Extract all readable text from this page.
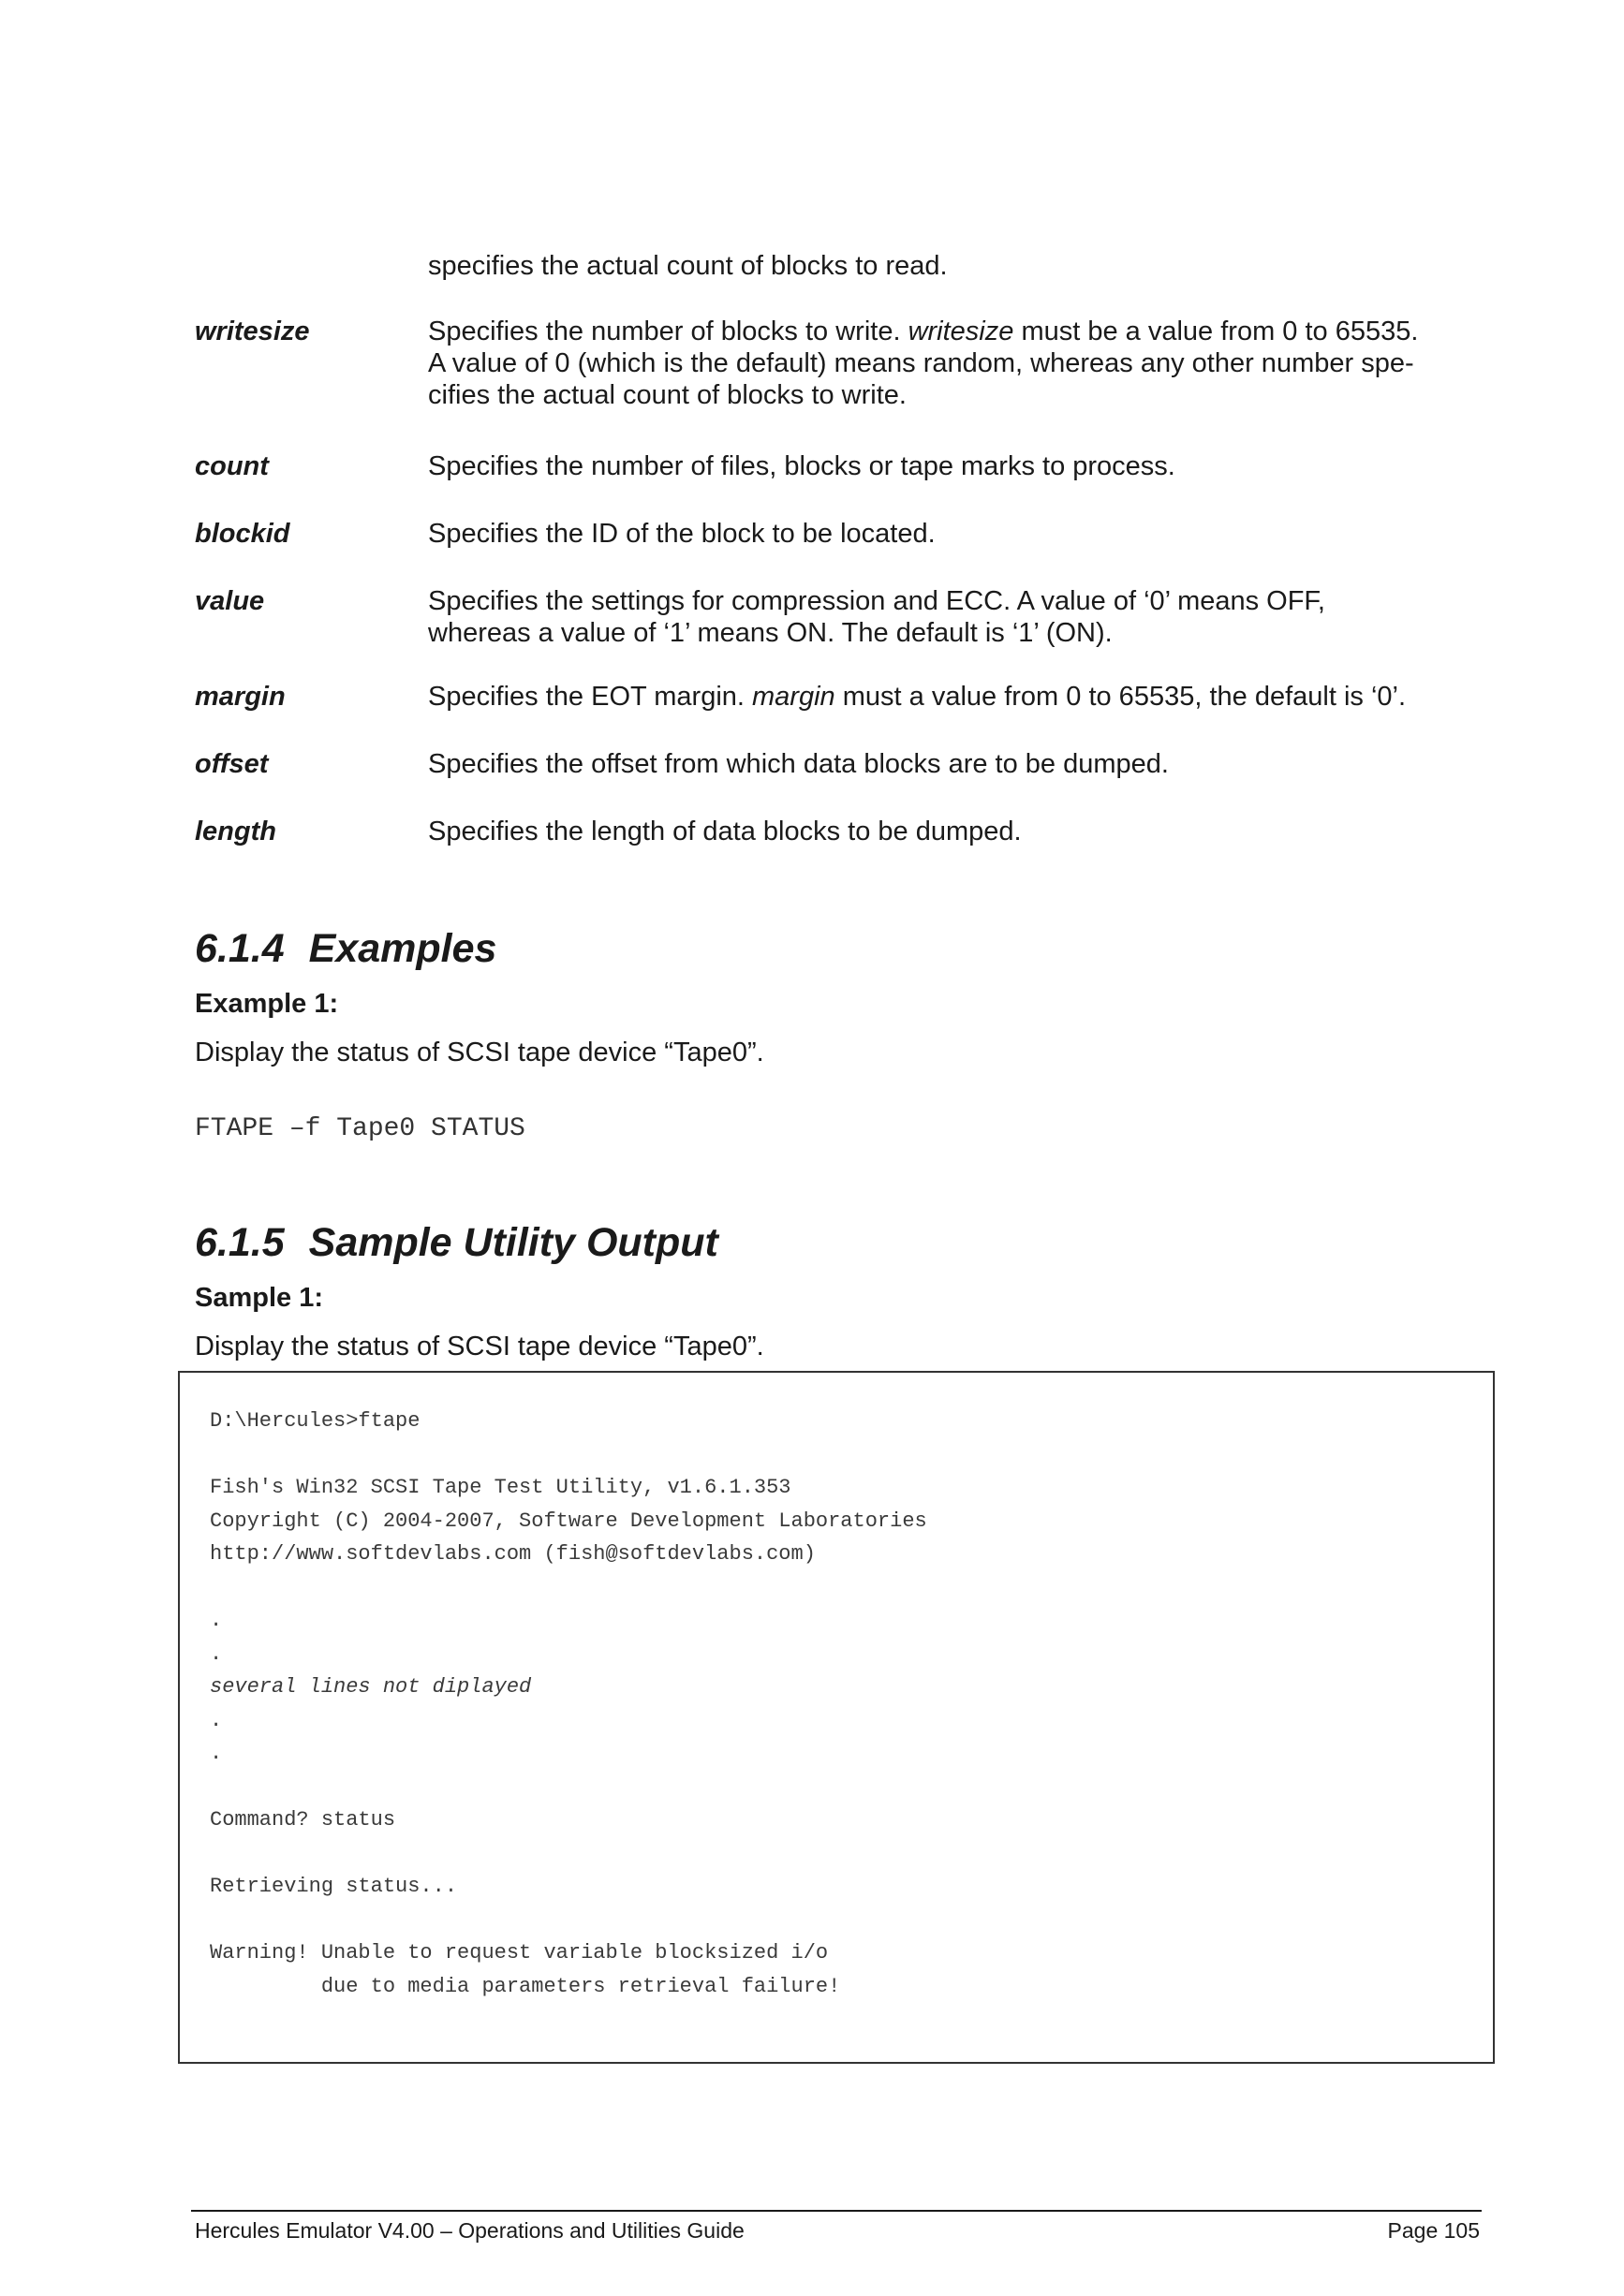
specifies the actual count of blocks to read.
writesize	Specifies the number of blocks to write. writesize must be a value from 0 to 65535.
A value of 0 (which is the default) means random, whereas any other number spe-
cifies the actual count of blocks to write.
count	Specifies the number of files, blocks or tape marks to process.
blockid	Specifies the ID of the block to be located.
value	Specifies the settings for compression and ECC. A value of ‘0’ means OFF,
whereas a value of ‘1’ means ON. The default is ‘1’ (ON).
margin	Specifies the EOT margin. margin must a value from 0 to 65535, the default is ‘0’.
offset	Specifies the offset from which data blocks are to be dumped.
length	Specifies the length of data blocks to be dumped.
6.1.4 Examples
Example 1:
Display the status of SCSI tape device “Tape0”.
FTAPE –f Tape0 STATUS
6.1.5 Sample Utility Output
Sample 1:
Display the status of SCSI tape device “Tape0”.
D:\Hercules>ftape
Fish's Win32 SCSI Tape Test Utility, v1.6.1.353
Copyright (C) 2004-2007, Software Development Laboratories
http://www.softdevlabs.com (fish@softdevlabs.com)
.
.
several lines not diplayed
.
.
Command? status
Retrieving status...
Warning! Unable to request variable blocksized i/o
due to media parameters retrieval failure!
Hercules Emulator V4.00 – Operations and Utilities Guide	Page 105
